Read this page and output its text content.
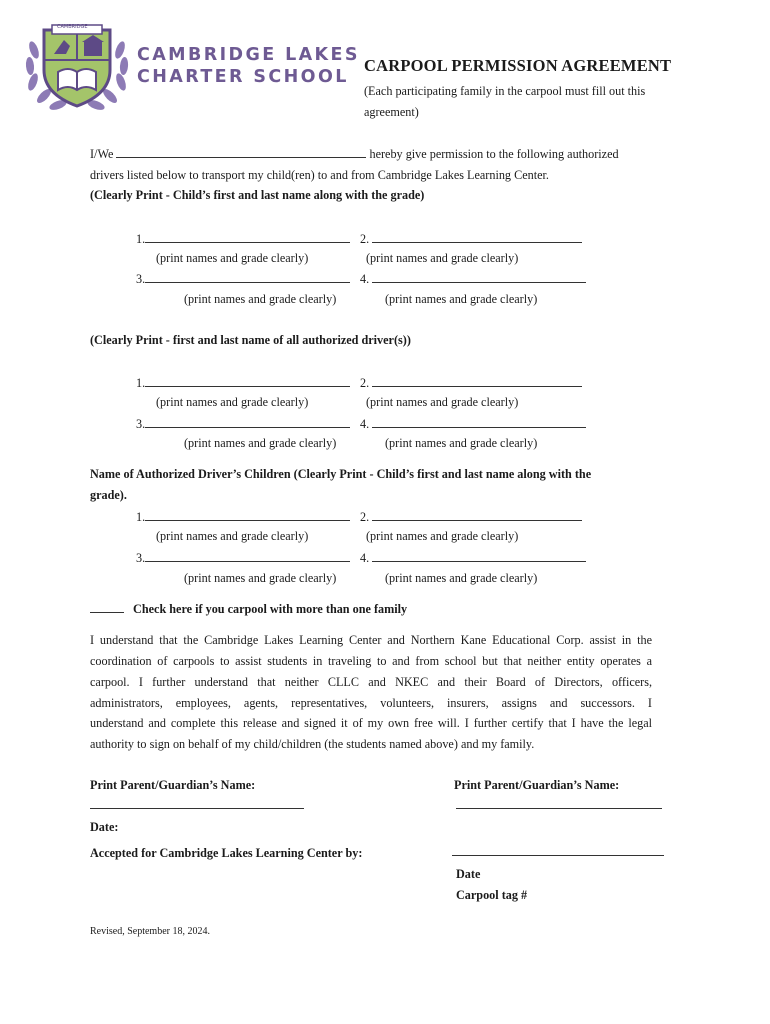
CAMBRIDGE
CAMBRIDGE LAKES
CHARTER SCHOOL
CARPOOL PERMISSION AGREEMENT
(Each participating family in the carpool must fill out this
agreement)
I/We	hereby give permission to the following authorized
drivers listed below to transport my child(ren) to and from Cambridge Lakes Learning Center.
(Clearly Print - Child’s first and last name along with the grade)
1.	2.
(print names and grade clearly)	(print names and grade clearly)
3.	4.
(print names and grade clearly)	(print names and grade clearly)
(Clearly Print - first and last name of all authorized driver(s))
1.	2.
(print names and grade clearly)	(print names and grade clearly)
3.	4.
(print names and grade clearly)	(print names and grade clearly)
Name of Authorized Driver’s Children (Clearly Print - Child’s first and last name along with the
grade).
1.	2.
(print names and grade clearly)	(print names and grade clearly)
3.	4.
(print names and grade clearly)	(print names and grade clearly)
Check here if you carpool with more than one family
I understand that the Cambridge Lakes Learning Center and Northern Kane Educational Corp. assist in the
coordination of carpools to assist students in traveling to and from school but that neither entity operates a
carpool. I further understand that neither CLLC and NKEC and their Board of Directors, officers,
administrators, employees, agents, representatives, volunteers, insurers, assigns and successors. I
understand and complete this release and signed it of my own free will. I further certify that I have the legal
authority to sign on behalf of my child/children (the students named above) and my family.
Print Parent/Guardian’s Name:	Print Parent/Guardian’s Name:
Date:
Accepted for Cambridge Lakes Learning Center by:
Date
Carpool tag #
Revised, September 18, 2024.
